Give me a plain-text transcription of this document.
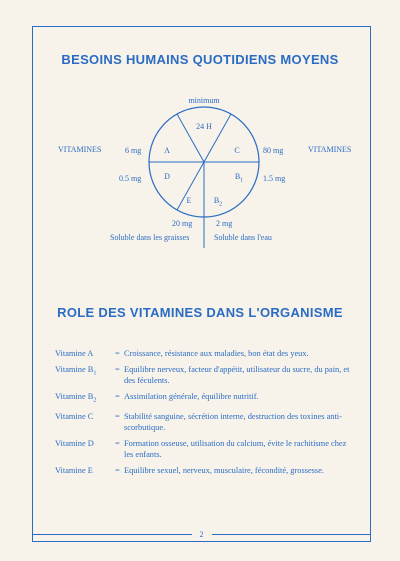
BESOINS HUMAINS QUOTIDIENS MOYENS
minimum
24 H
VITAMINES	VITAMINES
A	C
D	$B_1$
E	$B_2$
6 mg	80 mg
0.5 mg	1.5 mg
20 mg	2 mg
Soluble dans les graisses	Soluble dans l'eau
ROLE DES VITAMINES DANS L'ORGANISME
Vitamine A	= Croissance, résistance aux maladies, bon état des yeux.
Vitamine $B_1$	= Equilibre nerveux, facteur d'appétit, utilisateur du sucre, du pain, et des féculents.
Vitamine $B_2$	= Assimilation générale, équilibre nutritif.
Vitamine C	= Stabilité sanguine, sécrétion interne, destruction des toxines anti-scorbutique.
Vitamine D	= Formation osseuse, utilisation du calcium, évite le rachitisme chez les enfants.
Vitamine E	= Equilibre sexuel, nerveux, musculaire, fécondité, grossesse.
2
